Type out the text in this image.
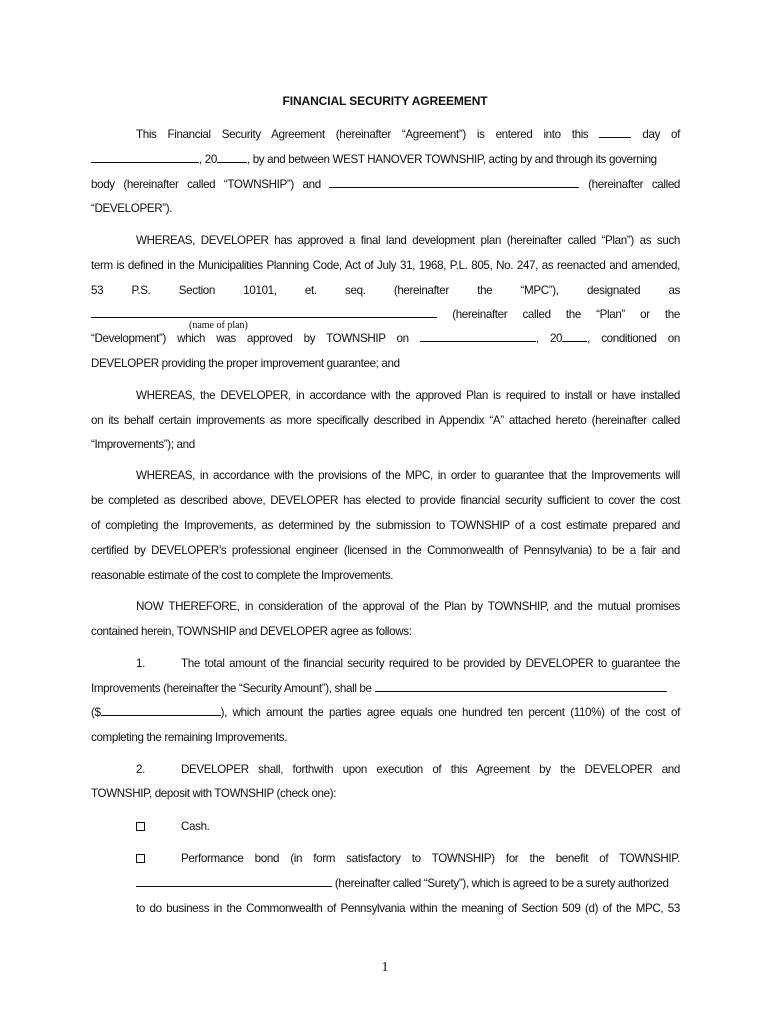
FINANCIAL SECURITY AGREEMENT
This Financial Security Agreement (hereinafter “Agreement”) is entered into this	day of
, 20	, by and between WEST HANOVER TOWNSHIP, acting by and through its governing
body (hereinafter called “TOWNSHIP”) and	(hereinafter called
“DEVELOPER”).
WHEREAS, DEVELOPER has approved a final land development plan (hereinafter called “Plan”) as such
term is defined in the Municipalities Planning Code, Act of July 31, 1968, P.L. 805, No. 247, as reenacted and amended,
53 P.S. Section 10101, et. seq. (hereinafter the “MPC”), designated as
(hereinafter called the “Plan” or the
(name of plan)
“Development”) which was approved by TOWNSHIP on	, 20 , conditioned on
DEVELOPER providing the proper improvement guarantee; and
WHEREAS, the DEVELOPER, in accordance with the approved Plan is required to install or have installed
on its behalf certain improvements as more specifically described in Appendix “A” attached hereto (hereinafter called
“Improvements”); and
WHEREAS, in accordance with the provisions of the MPC, in order to guarantee that the Improvements will
be completed as described above, DEVELOPER has elected to provide financial security sufficient to cover the cost
of completing the Improvements, as determined by the submission to TOWNSHIP of a cost estimate prepared and
certified by DEVELOPER’s professional engineer (licensed in the Commonwealth of Pennsylvania) to be a fair and
reasonable estimate of the cost to complete the Improvements.
NOW THEREFORE, in consideration of the approval of the Plan by TOWNSHIP, and the mutual promises
contained herein, TOWNSHIP and DEVELOPER agree as follows:
1.	The total amount of the financial security required to be provided by DEVELOPER to guarantee the
Improvements (hereinafter the “Security Amount”), shall be
($	), which amount the parties agree equals one hundred ten percent (110%) of the cost of
completing the remaining Improvements.
2.	DEVELOPER shall, forthwith upon execution of this Agreement by the DEVELOPER and
TOWNSHIP, deposit with TOWNSHIP (check one):
Cash.
Performance bond (in form satisfactory to TOWNSHIP) for the benefit of TOWNSHIP.
(hereinafter called “Surety”), which is agreed to be a surety authorized
to do business in the Commonwealth of Pennsylvania within the meaning of Section 509 (d) of the MPC, 53
1
